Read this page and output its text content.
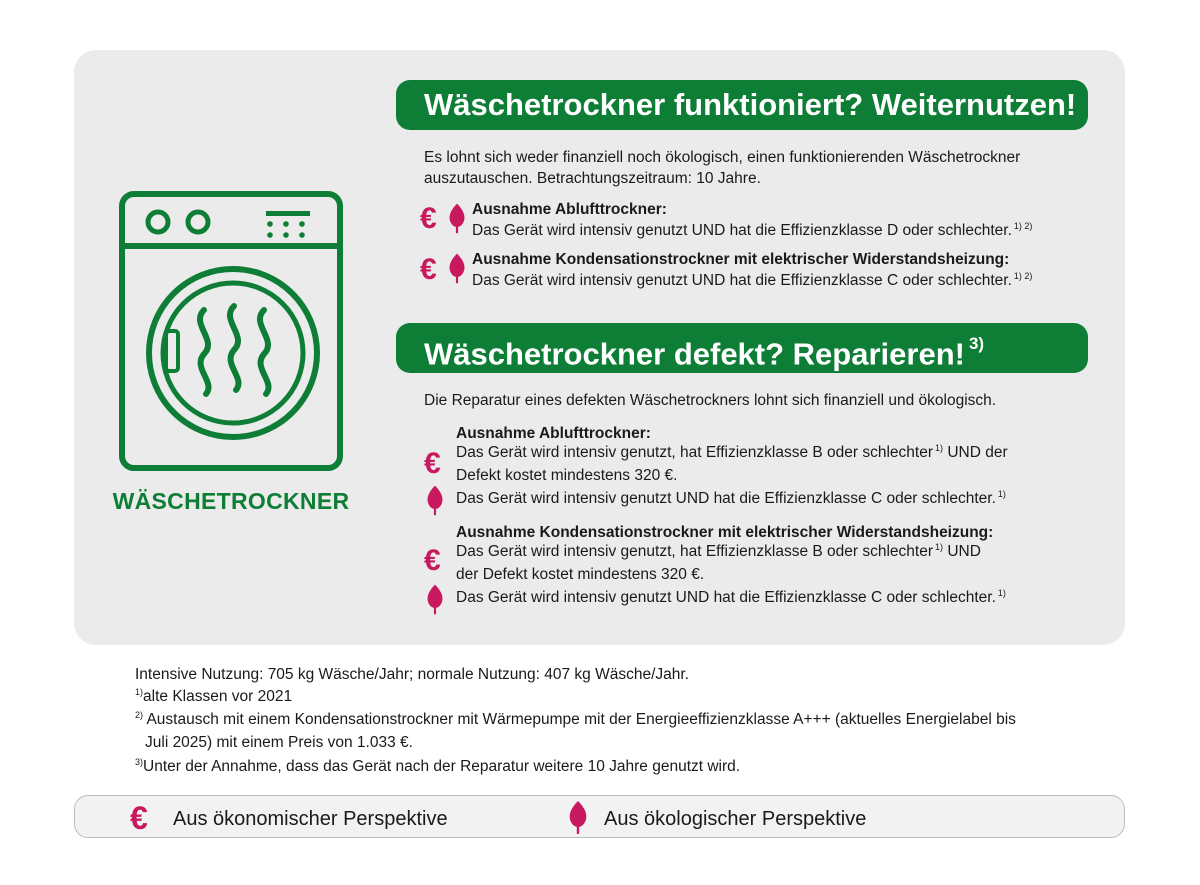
WÄSCHETROCKNER
Wäschetrockner funktioniert? Weiternutzen!
Es lohnt sich weder finanziell noch ökologisch, einen funktionierenden Wäschetrockner
auszutauschen. Betrachtungszeitraum: 10 Jahre.
€ Ausnahme Ablufttrockner:
Das Gerät wird intensiv genutzt UND hat die Effizienzklasse D oder schlechter. $^{1) 2)}$
€ Ausnahme Kondensationstrockner mit elektrischer Widerstandsheizung:
Das Gerät wird intensiv genutzt UND hat die Effizienzklasse C oder schlechter. $^{1) 2)}$
Wäschetrockner defekt? Reparieren! $^{3)}$
Die Reparatur eines defekten Wäschetrockners lohnt sich finanziell und ökologisch.
Ausnahme Ablufttrockner:
€ Das Gerät wird intensiv genutzt, hat Effizienzklasse B oder schlechter $^{1)}$ UND der
Defekt kostet mindestens 320 €.
Das Gerät wird intensiv genutzt UND hat die Effizienzklasse C oder schlechter. $^{1)}$
Ausnahme Kondensationstrockner mit elektrischer Widerstandsheizung:
€ Das Gerät wird intensiv genutzt, hat Effizienzklasse B oder schlechter $^{1)}$ UND
der Defekt kostet mindestens 320 €.
Das Gerät wird intensiv genutzt UND hat die Effizienzklasse C oder schlechter. $^{1)}$
Intensive Nutzung: 705 kg Wäsche/Jahr; normale Nutzung: 407 kg Wäsche/Jahr.
$^{1)}$alte Klassen vor 2021
$^{2)}$ Austausch mit einem Kondensationstrockner mit Wärmepumpe mit der Energieeffizienzklasse A+++ (aktuelles Energielabel bis
Juli 2025) mit einem Preis von 1.033 €.
$^{3)}$Unter der Annahme, dass das Gerät nach der Reparatur weitere 10 Jahre genutzt wird.
€ Aus ökonomischer Perspektive	Aus ökologischer Perspektive
